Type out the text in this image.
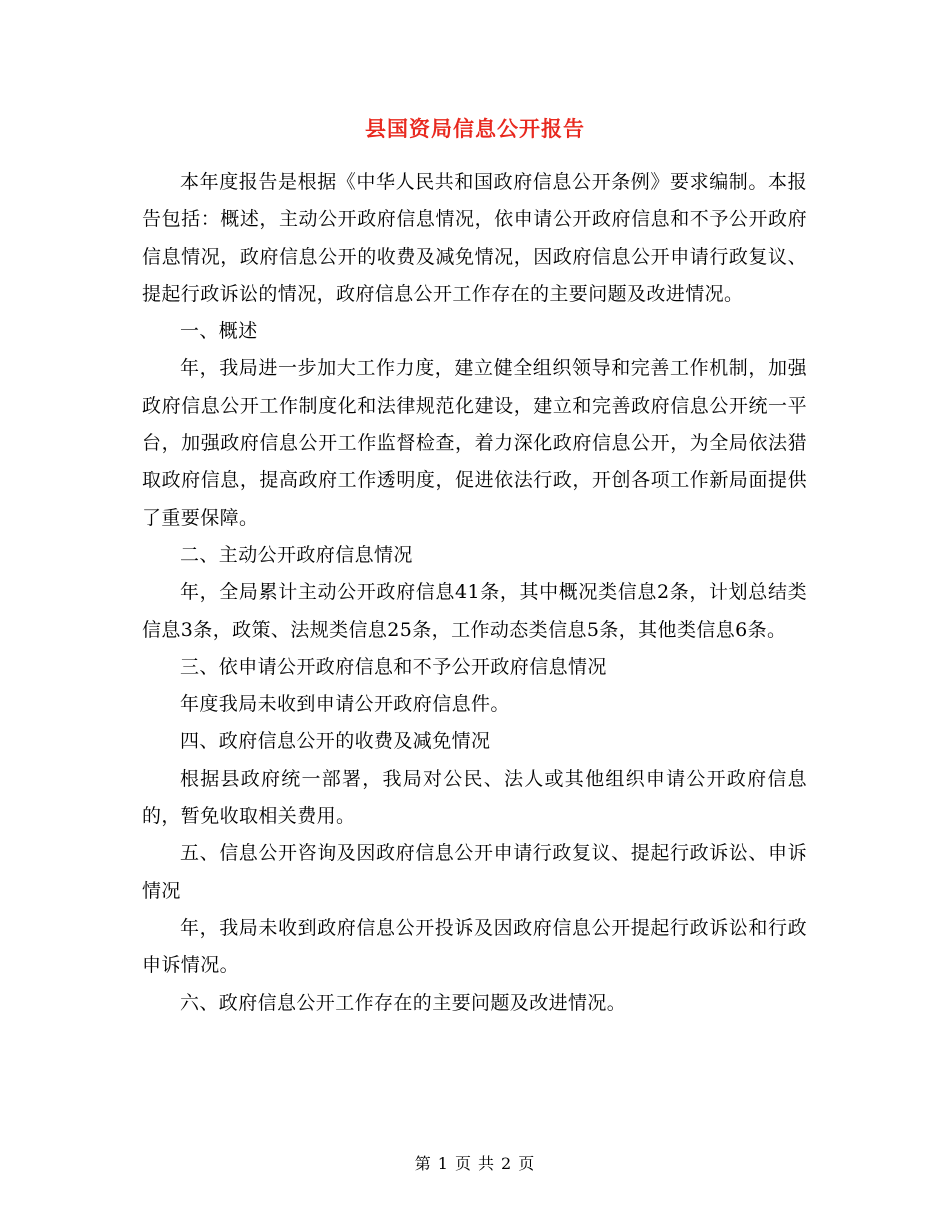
县国资局信息公开报告

本年度报告是根据《中华人民共和国政府信息公开条例》要求编制。本报告包括：概述，主动公开政府信息情况，依申请公开政府信息和不予公开政府信息情况，政府信息公开的收费及减免情况，因政府信息公开申请行政复议、提起行政诉讼的情况，政府信息公开工作存在的主要问题及改进情况。

一、概述

年，我局进一步加大工作力度，建立健全组织领导和完善工作机制，加强政府信息公开工作制度化和法律规范化建设，建立和完善政府信息公开统一平台，加强政府信息公开工作监督检查，着力深化政府信息公开，为全局依法猎取政府信息，提高政府工作透明度，促进依法行政，开创各项工作新局面提供了重要保障。

二、主动公开政府信息情况

年，全局累计主动公开政府信息41条，其中概况类信息2条，计划总结类信息3条，政策、法规类信息25条，工作动态类信息5条，其他类信息6条。

三、依申请公开政府信息和不予公开政府信息情况

年度我局未收到申请公开政府信息件。

四、政府信息公开的收费及减免情况

根据县政府统一部署，我局对公民、法人或其他组织申请公开政府信息的，暂免收取相关费用。

五、信息公开咨询及因政府信息公开申请行政复议、提起行政诉讼、申诉情况

年，我局未收到政府信息公开投诉及因政府信息公开提起行政诉讼和行政申诉情况。

六、政府信息公开工作存在的主要问题及改进情况。

第 1 页 共 2 页
